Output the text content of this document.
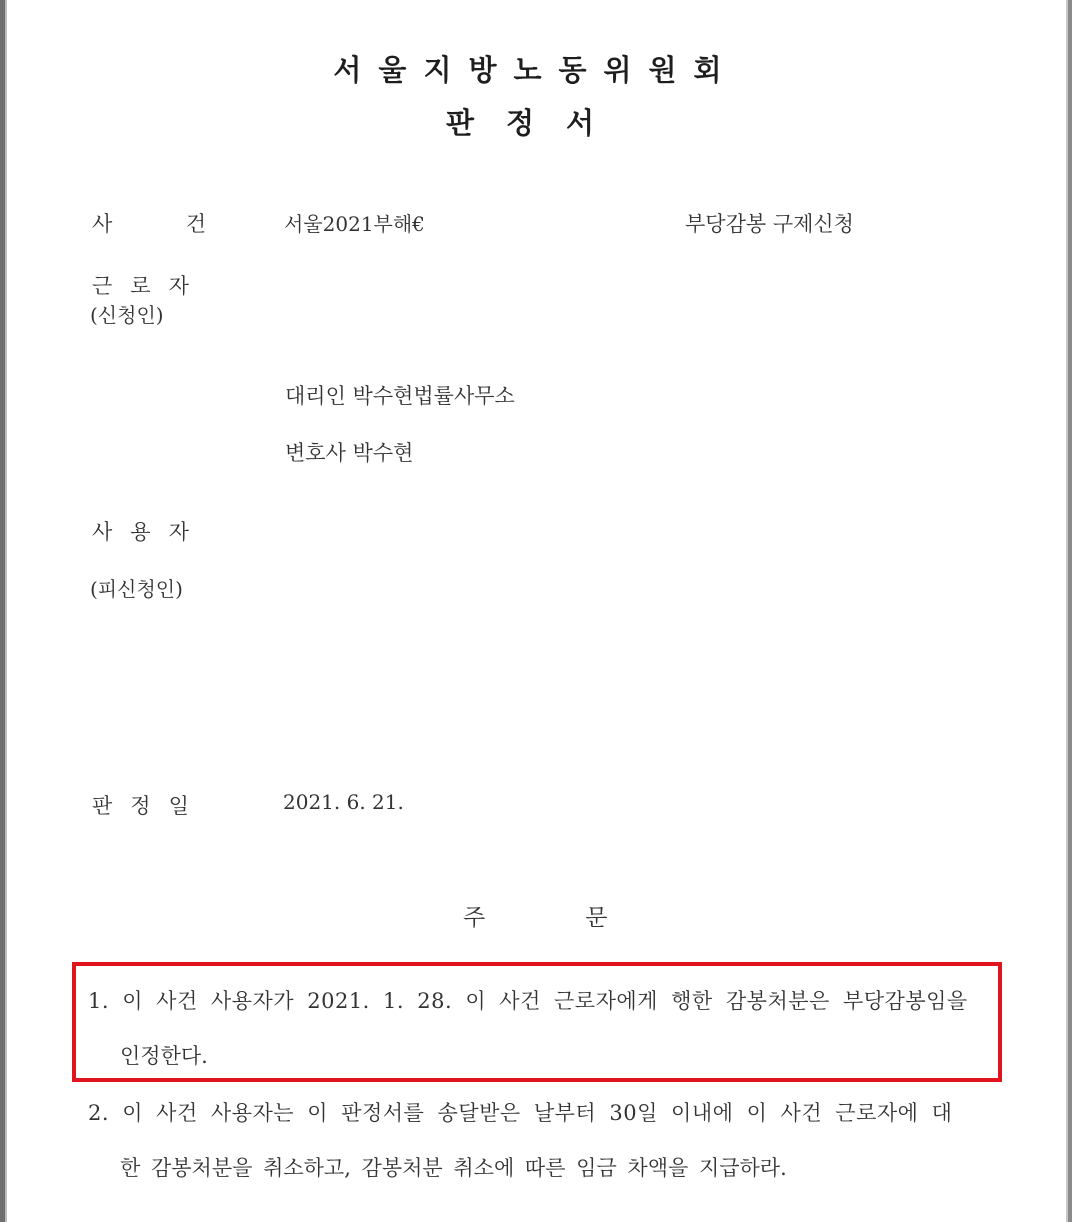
서울지방노동위원회
판정서
사	건	서울2021부해€	부당감봉 구제신청
근로자
(신청인)
대리인 박수현법률사무소
변호사 박수현
사용자
(피신청인)
판정일	2021. 6. 21.
주문
1. 이 사건 사용자가 2021. 1. 28. 이 사건 근로자에게 행한 감봉처분은 부당감봉임을
인정한다.
2. 이 사건 사용자는 이 판정서를 송달받은 날부터 30일 이내에 이 사건 근로자에 대
한 감봉처분을 취소하고, 감봉처분 취소에 따른 임금 차액을 지급하라.
